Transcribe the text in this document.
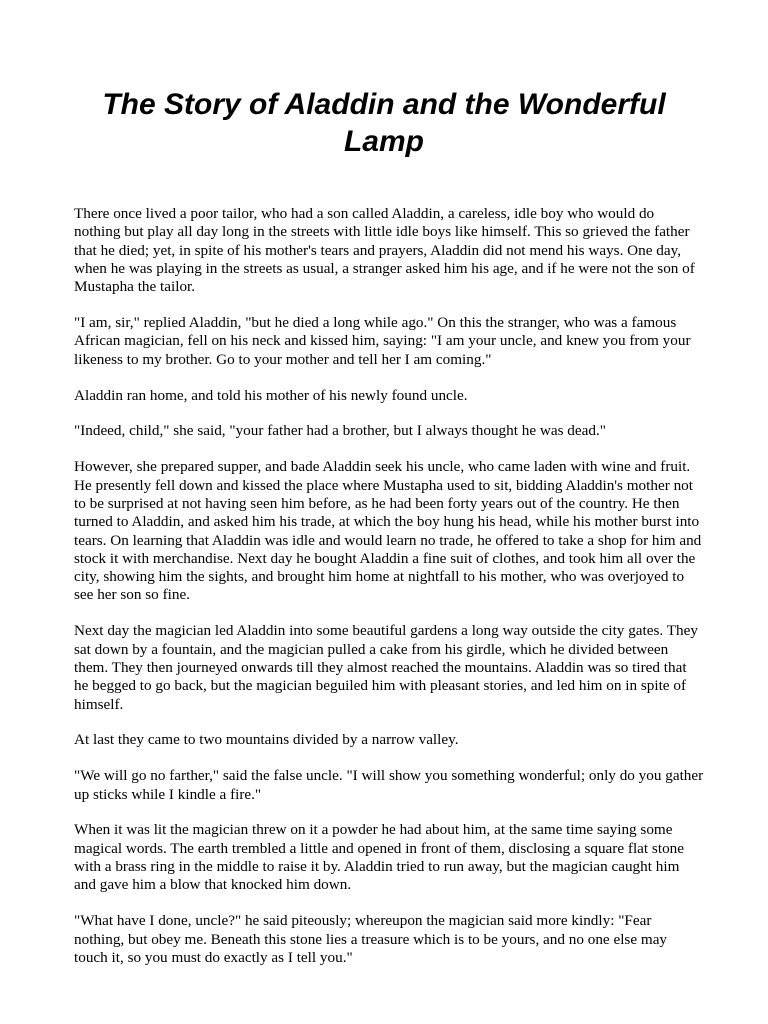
The Story of Aladdin and the Wonderful Lamp

There once lived a poor tailor, who had a son called Aladdin, a careless, idle boy who would do nothing but play all day long in the streets with little idle boys like himself. This so grieved the father that he died; yet, in spite of his mother's tears and prayers, Aladdin did not mend his ways. One day, when he was playing in the streets as usual, a stranger asked him his age, and if he were not the son of Mustapha the tailor.

"I am, sir," replied Aladdin, "but he died a long while ago." On this the stranger, who was a famous African magician, fell on his neck and kissed him, saying: "I am your uncle, and knew you from your likeness to my brother. Go to your mother and tell her I am coming."

Aladdin ran home, and told his mother of his newly found uncle.

"Indeed, child," she said, "your father had a brother, but I always thought he was dead."

However, she prepared supper, and bade Aladdin seek his uncle, who came laden with wine and fruit. He presently fell down and kissed the place where Mustapha used to sit, bidding Aladdin's mother not to be surprised at not having seen him before, as he had been forty years out of the country. He then turned to Aladdin, and asked him his trade, at which the boy hung his head, while his mother burst into tears. On learning that Aladdin was idle and would learn no trade, he offered to take a shop for him and stock it with merchandise. Next day he bought Aladdin a fine suit of clothes, and took him all over the city, showing him the sights, and brought him home at nightfall to his mother, who was overjoyed to see her son so fine.

Next day the magician led Aladdin into some beautiful gardens a long way outside the city gates. They sat down by a fountain, and the magician pulled a cake from his girdle, which he divided between them. They then journeyed onwards till they almost reached the mountains. Aladdin was so tired that he begged to go back, but the magician beguiled him with pleasant stories, and led him on in spite of himself.

At last they came to two mountains divided by a narrow valley.

"We will go no farther," said the false uncle. "I will show you something wonderful; only do you gather up sticks while I kindle a fire."

When it was lit the magician threw on it a powder he had about him, at the same time saying some magical words. The earth trembled a little and opened in front of them, disclosing a square flat stone with a brass ring in the middle to raise it by. Aladdin tried to run away, but the magician caught him and gave him a blow that knocked him down.

"What have I done, uncle?" he said piteously; whereupon the magician said more kindly: "Fear nothing, but obey me. Beneath this stone lies a treasure which is to be yours, and no one else may touch it, so you must do exactly as I tell you."
